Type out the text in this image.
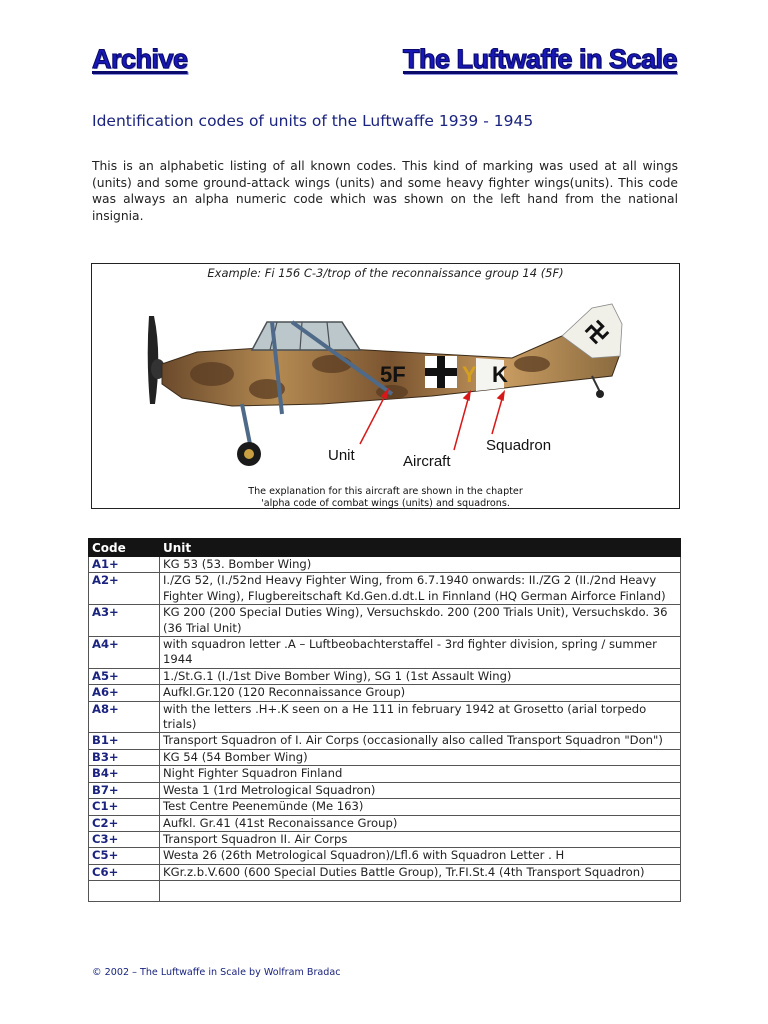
Archive	The Luftwaffe in Scale
Identification codes of units of the Luftwaffe 1939 - 1945

This is an alphabetic listing of all known codes. This kind of marking was used at all wings (units) and some ground-attack wings (units) and some heavy fighter wings(units). This code was always an alpha numeric code which was shown on the left hand from the national insignia.

5F	Y K
Example: Fi 156 C-3/trop of the reconnaissance group 14 (5F)
Unit	Aircraft
Squadron
The explanation for this aircraft are shown in the chapter
'alpha code of combat wings (units) and squadrons.
Code	Unit
A1+	KG 53 (53. Bomber Wing)
A2+	I./ZG 52, (I./52nd Heavy Fighter Wing, from 6.7.1940 onwards: II./ZG 2 (II./2nd Heavy Fighter Wing), Flugbereitschaft Kd.Gen.d.dt.L in Finnland (HQ German Airforce Finland)
A3+	KG 200 (200 Special Duties Wing), Versuchskdo. 200 (200 Trials Unit), Versuchskdo. 36 (36 Trial Unit)
A4+	with squadron letter .A – Luftbeobachterstaffel - 3rd fighter division, spring / summer 1944
A5+	1./St.G.1 (I./1st Dive Bomber Wing), SG 1 (1st Assault Wing)
A6+	Aufkl.Gr.120 (120 Reconnaissance Group)
A8+	with the letters .H+.K seen on a He 111 in february 1942 at Grosetto (arial torpedo trials)
B1+	Transport Squadron of I. Air Corps (occasionally also called Transport Squadron "Don")
B3+	KG 54 (54 Bomber Wing)
B4+	Night Fighter Squadron Finland
B7+	Westa 1 (1rd Metrological Squadron)
C1+	Test Centre Peenemünde (Me 163)
C2+	Aufkl. Gr.41 (41st Reconaissance Group)
C3+	Transport Squadron II. Air Corps
C5+	Westa 26 (26th Metrological Squadron)/Lfl.6 with Squadron Letter . H
C6+	KGr.z.b.V.600 (600 Special Duties Battle Group), Tr.FI.St.4 (4th Transport Squadron)

© 2002 – The Luftwaffe in Scale by Wolfram Bradac
